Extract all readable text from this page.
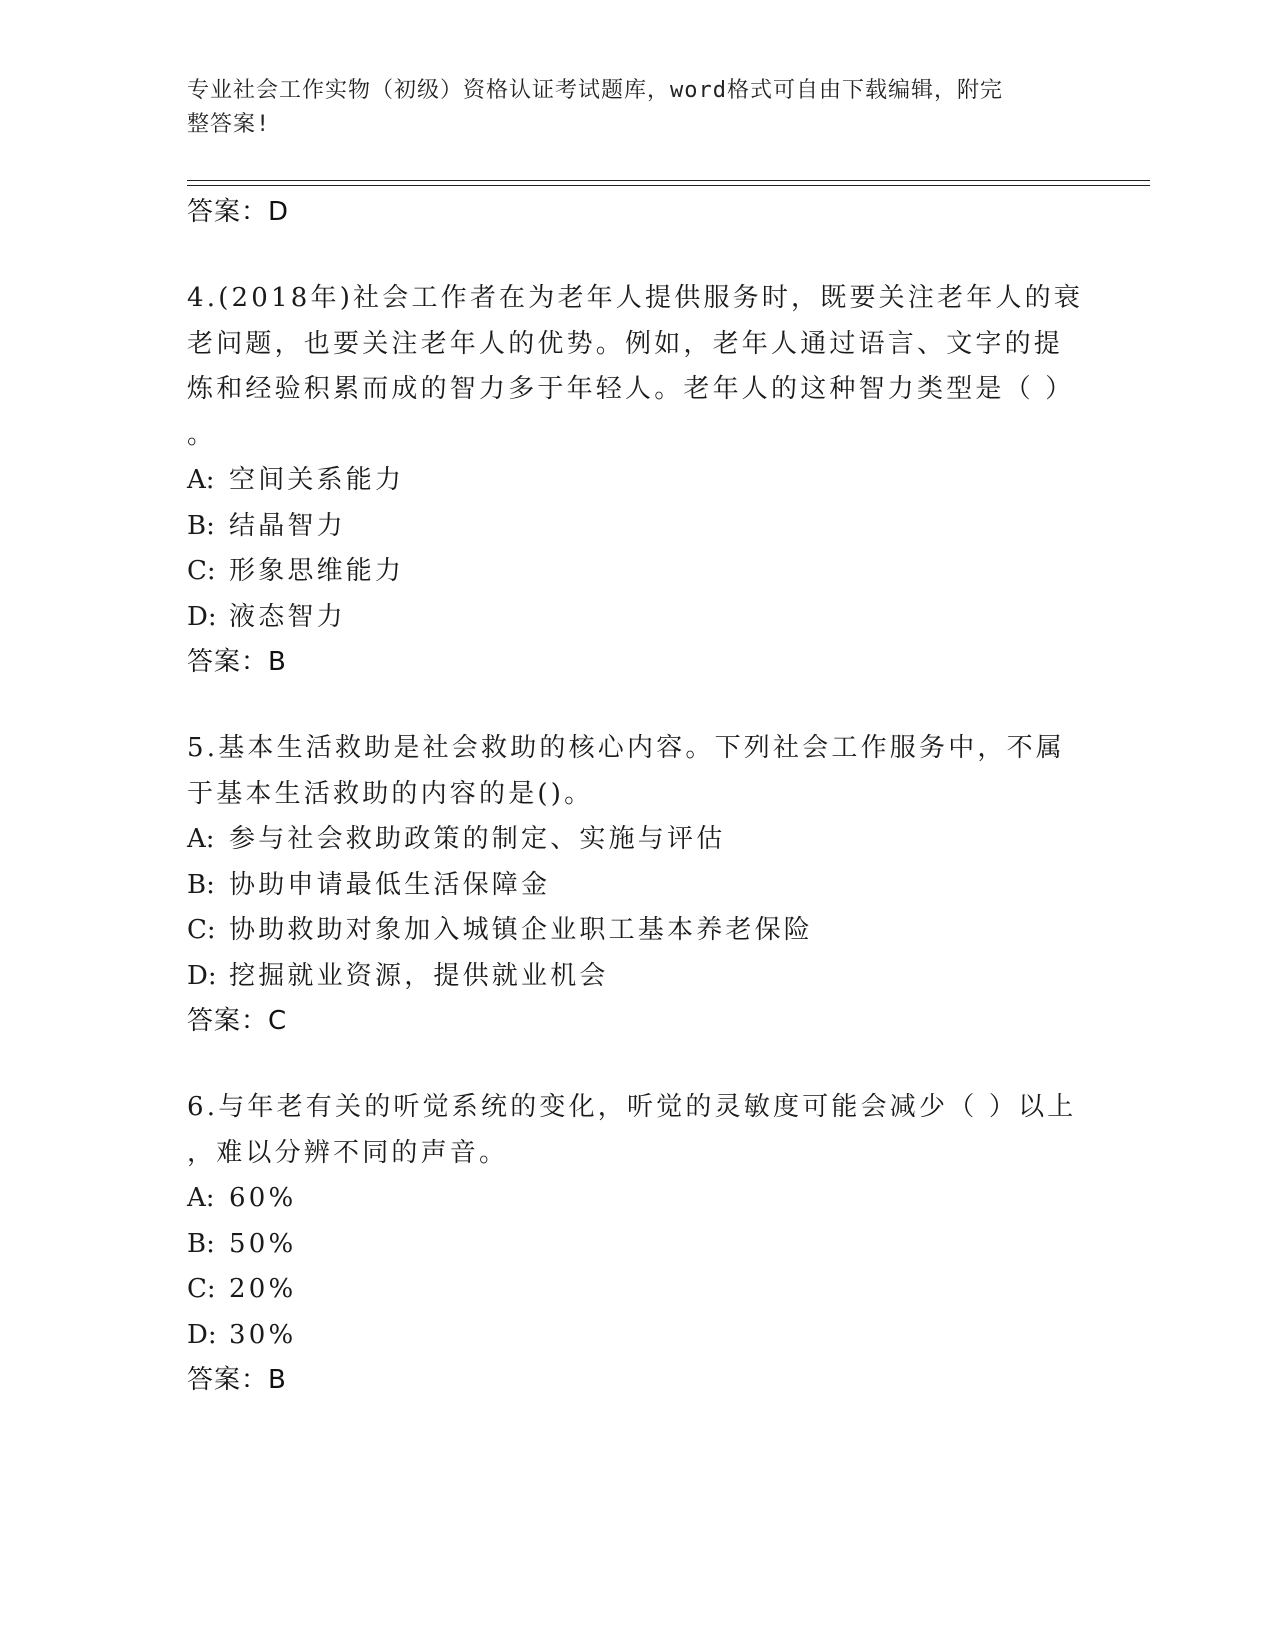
专业社会工作实物（初级）资格认证考试题库，word格式可自由下载编辑，附完
整答案!
答案：D
4.(2018年)社会工作者在为老年人提供服务时，既要关注老年人的衰
老问题，也要关注老年人的优势。例如，老年人通过语言、文字的提
炼和经验积累而成的智力多于年轻人。老年人的这种智力类型是（ ）
。
A: 空间关系能力
B: 结晶智力
C: 形象思维能力
D: 液态智力
答案：B
5.基本生活救助是社会救助的核心内容。下列社会工作服务中，不属
于基本生活救助的内容的是()。
A: 参与社会救助政策的制定、实施与评估
B: 协助申请最低生活保障金
C: 协助救助对象加入城镇企业职工基本养老保险
D: 挖掘就业资源，提供就业机会
答案：C
6.与年老有关的听觉系统的变化，听觉的灵敏度可能会减少（ ）以上
，难以分辨不同的声音。
A: 60%
B: 50%
C: 20%
D: 30%
答案：B
